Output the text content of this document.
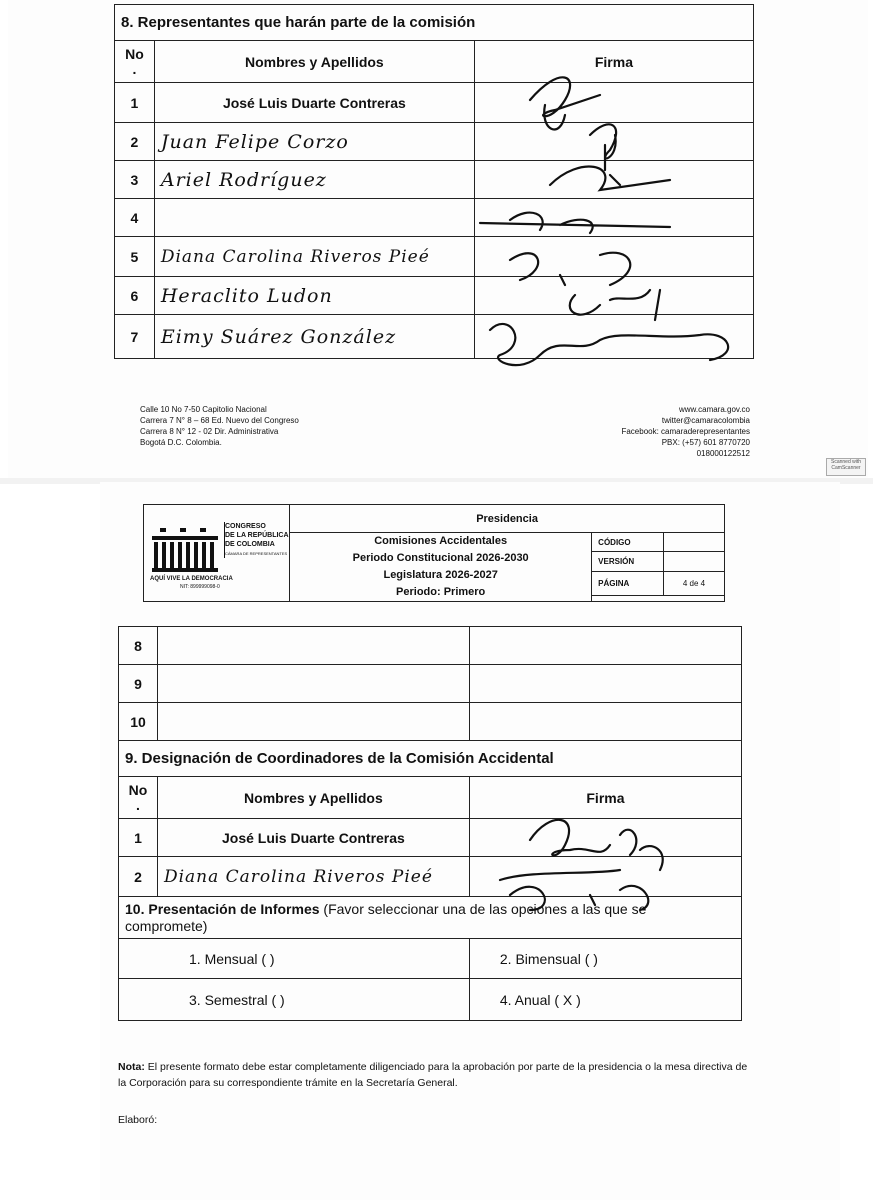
8. Representantes que harán parte de la comisión		
No
.	Nombres y Apellidos	Firma
1	José Luis Duarte Contreras	
2	Juan Felipe Corzo	
3	Ariel Rodríguez	
4		
5	Diana Carolina Riveros Pieé	
6	Heraclito Ludon	
7	Eimy Suárez González	
Calle 10 No 7-50 Capitolio Nacional
Carrera 7 N° 8 – 68 Ed. Nuevo del Congreso
Carrera 8 N° 12 - 02 Dir. Administrativa
Bogotá D.C. Colombia.
www.camara.gov.co
twitter@camaracolombia
Facebook: camaraderepresentantes
PBX: (+57) 601 8770720
018000122512
Scanned with CamScanner
	Presidencia		

	Comisiones Accidentales
Periodo Constitucional 2026-2030
Legislatura 2026-2027
Periodo: Primero	CÓDIGO	
		VERSIÓN	
		PÁGINA	4 de 4

CONGRESO
DE LA REPÚBLICA
DE COLOMBIA
CÁMARA DE REPRESENTANTES
AQUÍ VIVE LA DEMOCRACIA
NIT: 899999098-0
8		
9		
10		
9. Designación de Coordinadores de la Comisión Accidental		
No
.	Nombres y Apellidos	Firma
1	José Luis Duarte Contreras	
2	Diana Carolina Riveros Pieé	
10. Presentación de Informes (Favor seleccionar una de las opciones a las que se
compromete)		
1. Mensual ( )		2. Bimensual ( )
3. Semestral ( )		4. Anual ( X )
Nota: El presente formato debe estar completamente diligenciado para la aprobación por parte de la presidencia o la mesa directiva de la Corporación para su correspondiente trámite en la Secretaría General.
Elaboró:
